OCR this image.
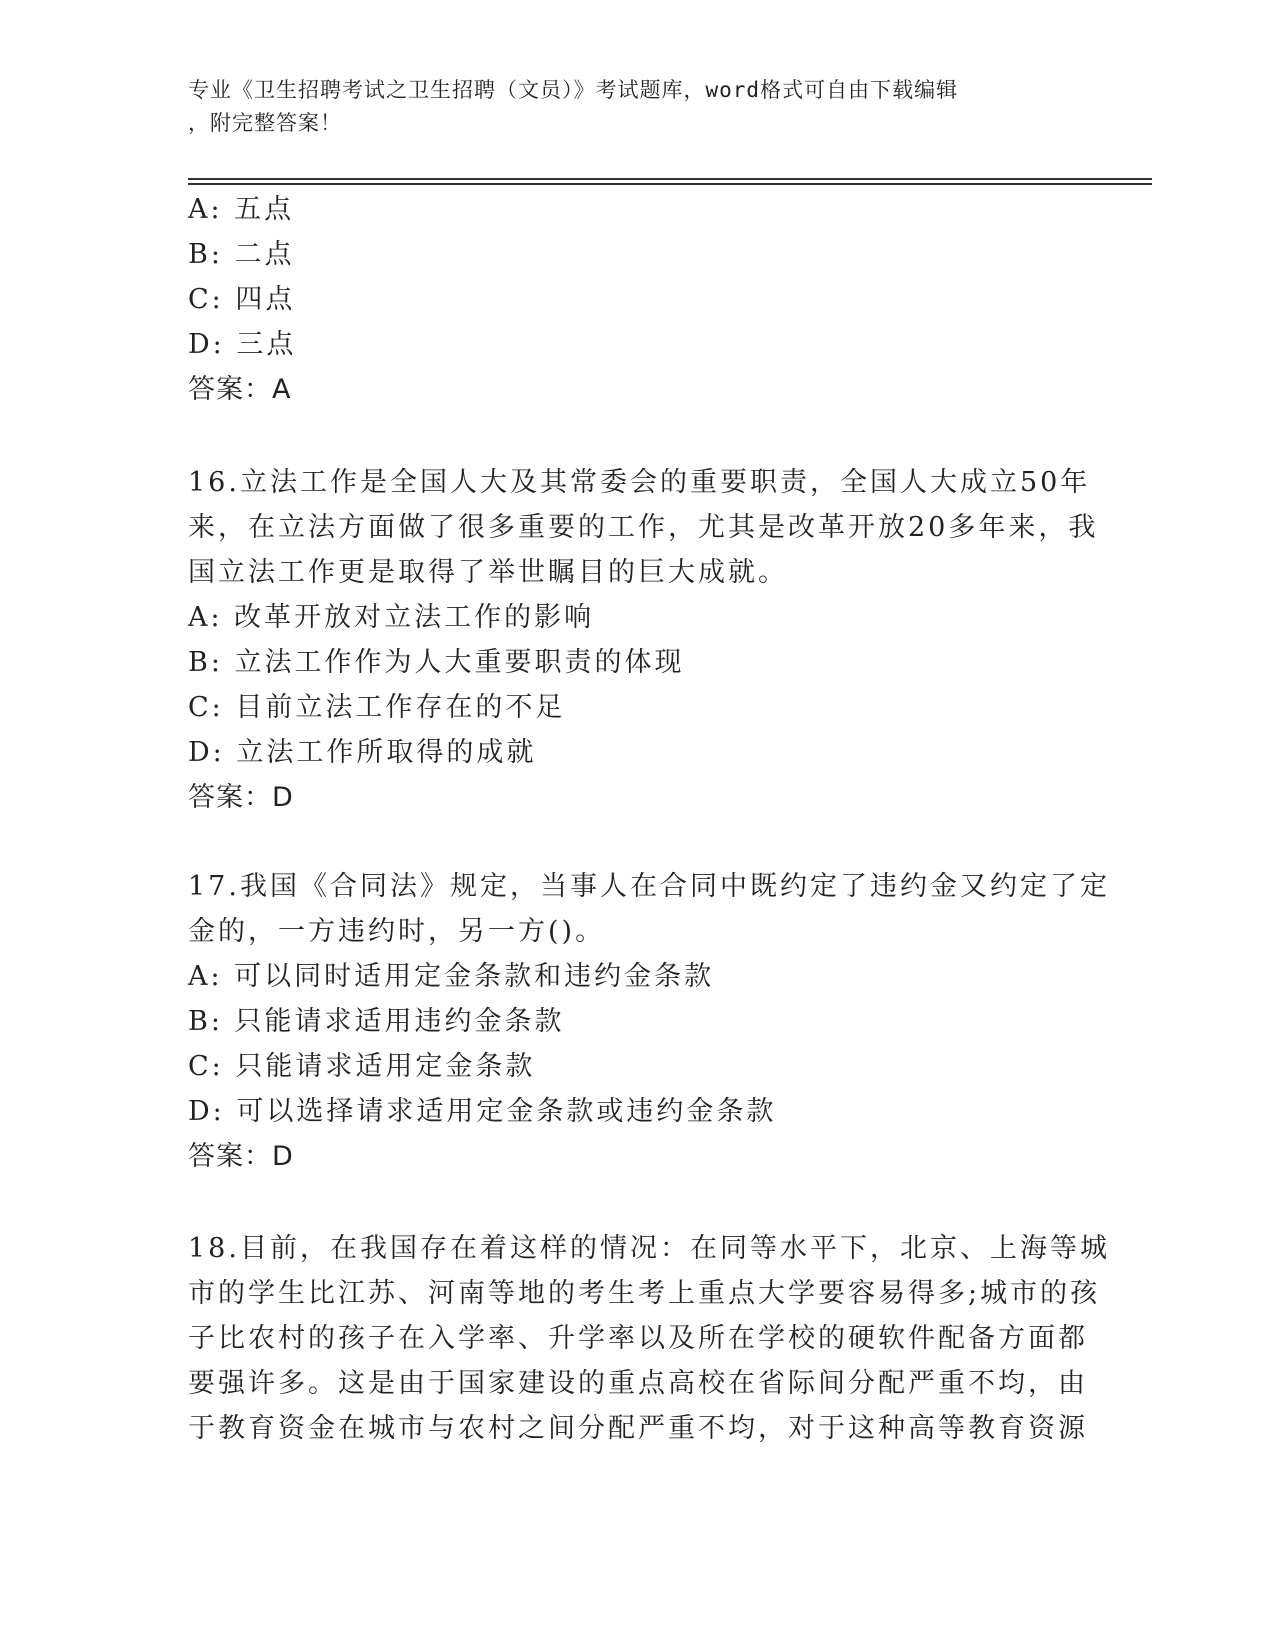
专业《卫生招聘考试之卫生招聘（文员）》考试题库，word格式可自由下载编辑
，附完整答案！
A: 五点
B: 二点
C: 四点
D: 三点
答案：A
16.立法工作是全国人大及其常委会的重要职责，全国人大成立50年
来，在立法方面做了很多重要的工作，尤其是改革开放20多年来，我
国立法工作更是取得了举世瞩目的巨大成就。
A: 改革开放对立法工作的影响
B: 立法工作作为人大重要职责的体现
C: 目前立法工作存在的不足
D: 立法工作所取得的成就
答案：D
17.我国《合同法》规定，当事人在合同中既约定了违约金又约定了定
金的，一方违约时，另一方()。
A: 可以同时适用定金条款和违约金条款
B: 只能请求适用违约金条款
C: 只能请求适用定金条款
D: 可以选择请求适用定金条款或违约金条款
答案：D
18.目前，在我国存在着这样的情况：在同等水平下，北京、上海等城
市的学生比江苏、河南等地的考生考上重点大学要容易得多;城市的孩
子比农村的孩子在入学率、升学率以及所在学校的硬软件配备方面都
要强许多。这是由于国家建设的重点高校在省际间分配严重不均，由
于教育资金在城市与农村之间分配严重不均，对于这种高等教育资源
